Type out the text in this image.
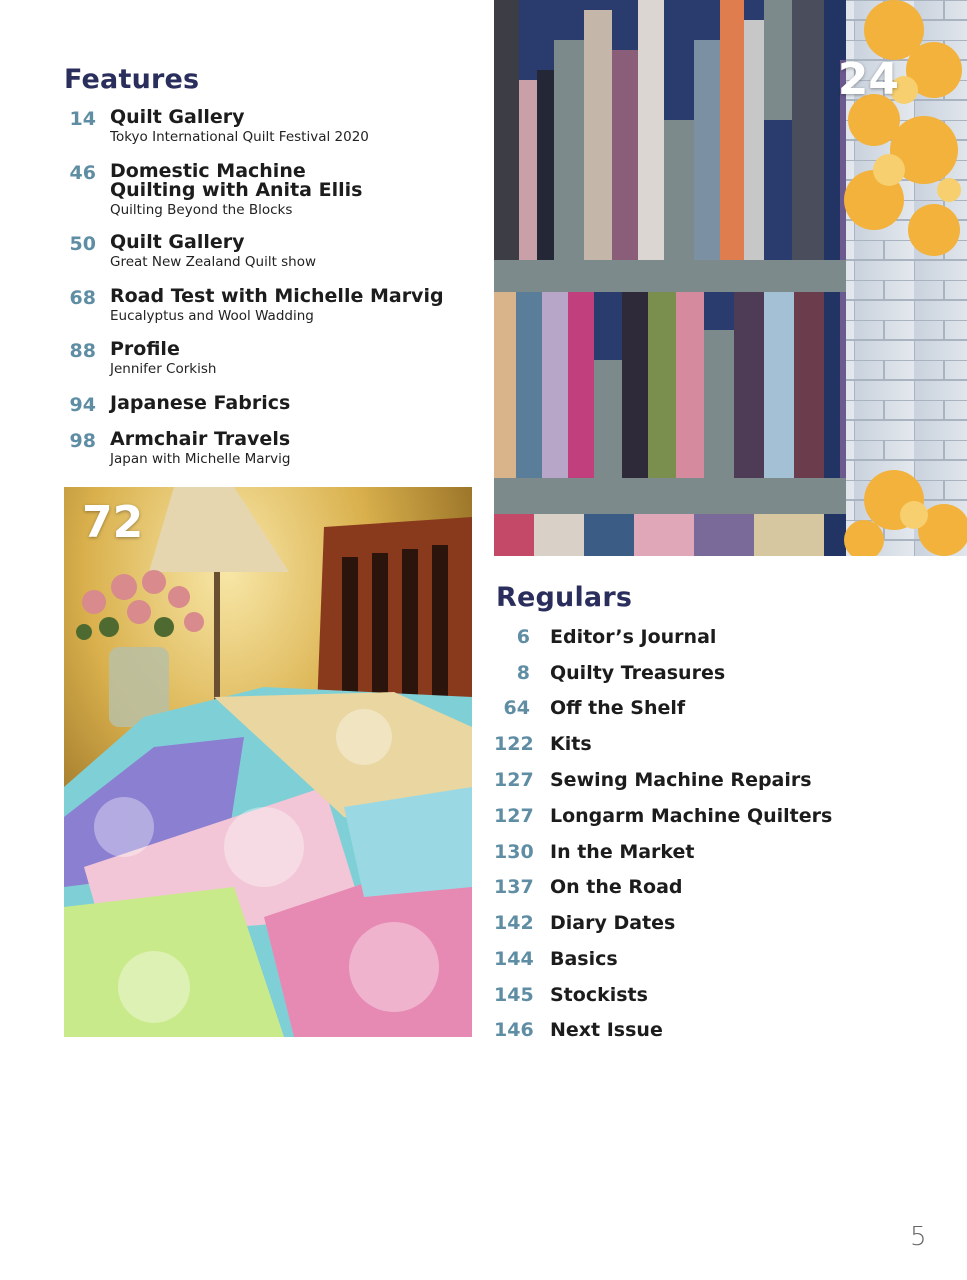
Features
14 Quilt Gallery
Tokyo International Quilt Festival 2020
46 Domestic Machine Quilting with Anita Ellis
Quilting Beyond the Blocks
50 Quilt Gallery
Great New Zealand Quilt show
68 Road Test with Michelle Marvig
Eucalyptus and Wool Wadding
88 Profile
Jennifer Corkish
94 Japanese Fabrics
98 Armchair Travels
Japan with Michelle Marvig
24
72
Regulars
6 Editor’s Journal
8 Quilty Treasures
64 Off the Shelf
122 Kits
127 Sewing Machine Repairs
127 Longarm Machine Quilters
130 In the Market
137 On the Road
142 Diary Dates
144 Basics
145 Stockists
146 Next Issue
5
